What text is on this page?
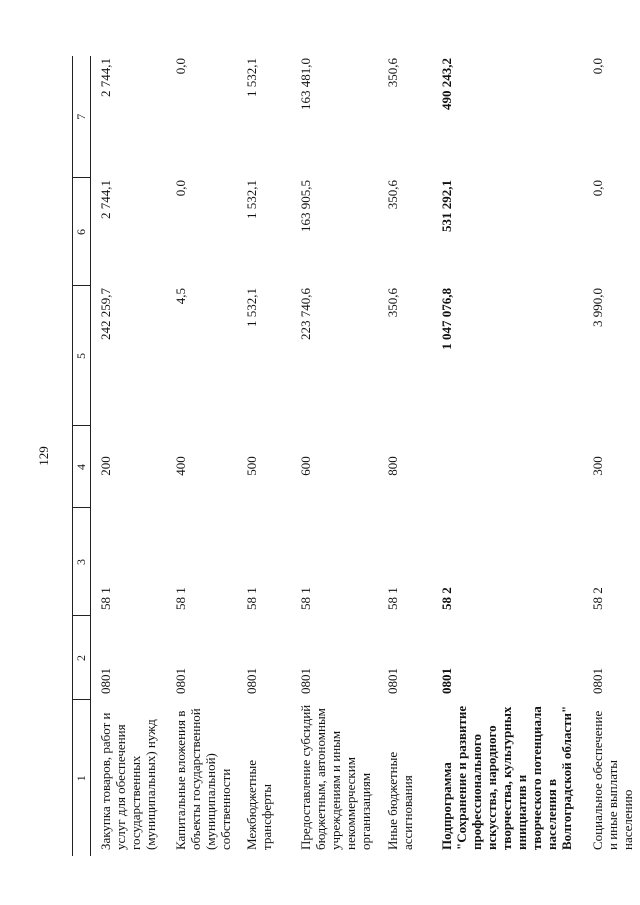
129
1	2	3	4	5	6	7
Закупка товаров, работ и услуг для обеспечения государственных (муниципальных) нужд	0801	58 1	200	242 259,7	2 744,1	2 744,1
Капитальные вложения в объекты государственной (муниципальной) собственности	0801	58 1	400	4,5	0,0	0,0
Межбюджетные трансферты	0801	58 1	500	1 532,1	1 532,1	1 532,1
Предоставление субсидий бюджетным, автономным учреждениям и иным некоммерческим организациям	0801	58 1	600	223 740,6	163 905,5	163 481,0
Иные бюджетные ассигнования	0801	58 1	800	350,6	350,6	350,6
Подпрограмма "Сохранение и развитие профессионального искусства, народного творчества, культурных инициатив и творческого потенциала населения в Волгоградской области"	0801	58 2		1 047 076,8	531 292,1	490 243,2
Социальное обеспечение и иные выплаты населению	0801	58 2	300	3 990,0	0,0	0,0
